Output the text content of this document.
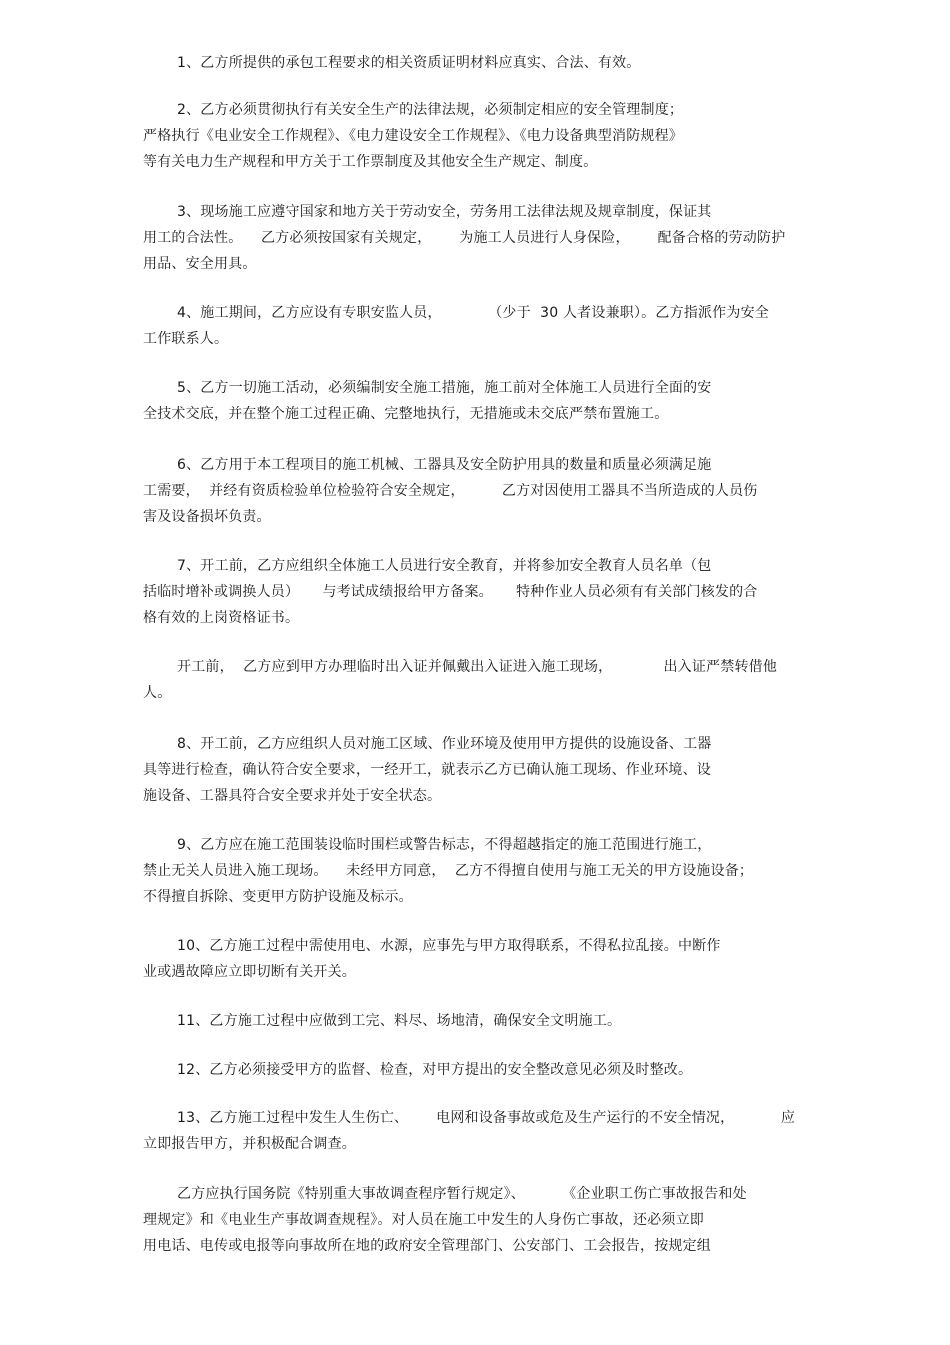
1、乙方所提供的承包工程要求的相关资质证明材料应真实、合法、有效。
2、乙方必须贯彻执行有关安全生产的法律法规，必须制定相应的安全管理制度；
严格执行《电业安全工作规程》、《电力建设安全工作规程》、《电力设备典型消防规程》
等有关电力生产规程和甲方关于工作票制度及其他安全生产规定、制度。
3、现场施工应遵守国家和地方关于劳动安全，劳务用工法律法规及规章制度，保证其
用工的合法性。    乙方必须按国家有关规定，      为施工人员进行人身保险，      配备合格的劳动防护
用品、安全用具。
4、施工期间，乙方应设有专职安监人员，          （少于  30 人者设兼职）。乙方指派作为安全
工作联系人。
5、乙方一切施工活动，必须编制安全施工措施，施工前对全体施工人员进行全面的安
全技术交底，并在整个施工过程正确、完整地执行，无措施或未交底严禁布置施工。
6、乙方用于本工程项目的施工机械、工器具及安全防护用具的数量和质量必须满足施
工需要，  并经有资质检验单位检验符合安全规定，        乙方对因使用工器具不当所造成的人员伤
害及设备损坏负责。
7、开工前，乙方应组织全体施工人员进行安全教育，并将参加安全教育人员名单（包
括临时增补或调换人员）     与考试成绩报给甲方备案。     特种作业人员必须有有关部门核发的合
格有效的上岗资格证书。
开工前，  乙方应到甲方办理临时出入证并佩戴出入证进入施工现场，           出入证严禁转借他
人。
8、开工前，乙方应组织人员对施工区域、作业环境及使用甲方提供的设施设备、工器
具等进行检查，确认符合安全要求，一经开工，就表示乙方已确认施工现场、作业环境、设
施设备、工器具符合安全要求并处于安全状态。
9、乙方应在施工范围装设临时围栏或警告标志，不得超越指定的施工范围进行施工，
禁止无关人员进入施工现场。    未经甲方同意，  乙方不得擅自使用与施工无关的甲方设施设备；
不得擅自拆除、变更甲方防护设施及标示。
10、乙方施工过程中需使用电、水源，应事先与甲方取得联系，不得私拉乱接。中断作
业或遇故障应立即切断有关开关。
11、乙方施工过程中应做到工完、料尽、场地清，确保安全文明施工。
12、乙方必须接受甲方的监督、检查，对甲方提出的安全整改意见必须及时整改。
13、乙方施工过程中发生人生伤亡、      电网和设备事故或危及生产运行的不安全情况，          应
立即报告甲方，并积极配合调查。
乙方应执行国务院《特别重大事故调查程序暂行规定》、        《企业职工伤亡事故报告和处
理规定》和《电业生产事故调查规程》。对人员在施工中发生的人身伤亡事故，还必须立即
用电话、电传或电报等向事故所在地的政府安全管理部门、公安部门、工会报告，按规定组
